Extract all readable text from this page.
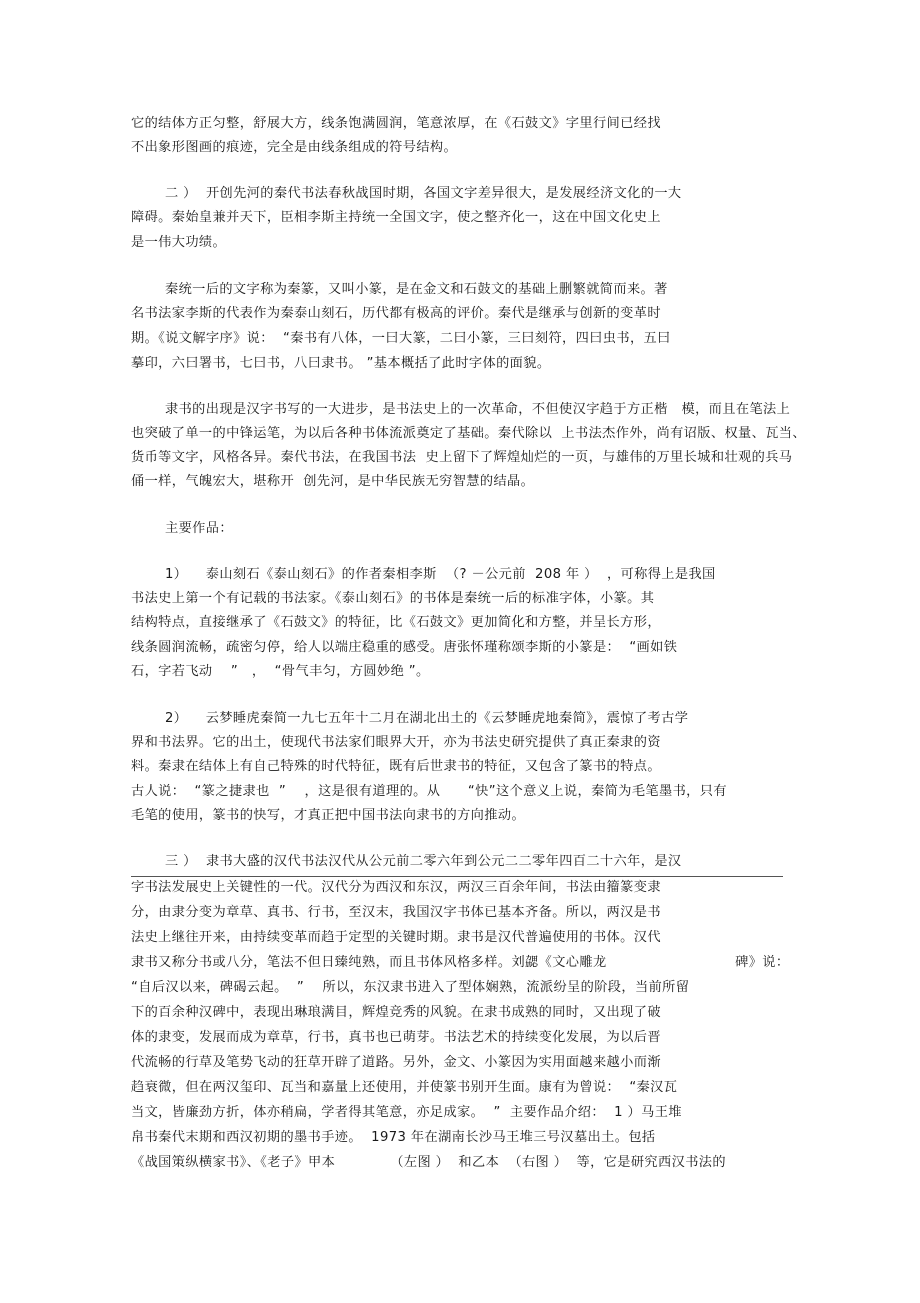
它的结体方正匀整，舒展大方，线条饱满圆润，笔意浓厚，在《石鼓文》字里行间已经找
不出象形图画的痕迹，完全是由线条组成的符号结构。
二 ）  开创先河的秦代书法春秋战国时期，各国文字差异很大，是发展经济文化的一大
障碍。秦始皇兼并天下，臣相李斯主持统一全国文字，使之整齐化一，这在中国文化史上
是一伟大功绩。
秦统一后的文字称为秦篆，又叫小篆，是在金文和石鼓文的基础上删繁就简而来。著
名书法家李斯的代表作为秦泰山刻石，历代都有极高的评价。秦代是继承与创新的变革时
期。《说文解字序》说：  “秦书有八体，一曰大篆，二曰小篆，三曰刻符，四曰虫书，五曰
摹印，六曰署书，七曰书，八曰隶书。 ”基本概括了此时字体的面貌。
隶书的出现是汉字书写的一大进步，是书法史上的一次革命，不但使汉字趋于方正楷   模，而且在笔法上
也突破了单一的中锋运笔，为以后各种书体流派奠定了基础。秦代除以  上书法杰作外，尚有诏版、权量、瓦当、
货币等文字，风格各异。秦代书法，在我国书法  史上留下了辉煌灿烂的一页，与雄伟的万里长城和壮观的兵马
俑一样，气魄宏大，堪称开  创先河，是中华民族无穷智慧的结晶。
主要作品：
1）    泰山刻石《泰山刻石》的作者秦相李斯  （? －公元前  208 年 ）  ，可称得上是我国
书法史上第一个有记载的书法家。《泰山刻石》的书体是秦统一后的标准字体，小篆。其
结构特点，直接继承了《石鼓文》的特征，比《石鼓文》更加简化和方整，并呈长方形，
线条圆润流畅，疏密匀停，给人以端庄稳重的感受。唐张怀瑾称颂李斯的小篆是：  “画如铁
石，字若飞动    ”   ，  “骨气丰匀，方圆妙绝 ”。
2）    云梦睡虎秦简一九七五年十二月在湖北出土的《云梦睡虎地秦简》，震惊了考古学
界和书法界。它的出土，使现代书法家们眼界大开，亦为书法史研究提供了真正秦隶的资
料。秦隶在结体上有自己特殊的时代特征，既有后世隶书的特征，又包含了篆书的特点。
古人说：  “篆之捷隶也  ”    ，这是很有道理的。从      “快”这个意义上说，秦简为毛笔墨书，只有
毛笔的使用，篆书的快写，才真正把中国书法向隶书的方向推动。
三 ）  隶书大盛的汉代书法汉代从公元前二零六年到公元二二零年四百二十六年，是汉
字书法发展史上关键性的一代。汉代分为西汉和东汉，两汉三百余年间，书法由籀篆变隶
分，由隶分变为章草、真书、行书，至汉末，我国汉字书体已基本齐备。所以，两汉是书
法史上继往开来，由持续变革而趋于定型的关键时期。隶书是汉代普遍使用的书体。汉代
隶书又称分书或八分，笔法不但日臻纯熟，而且书体风格多样。刘勰《文心雕龙                            碑》说：
“自后汉以来，碑碣云起。  ”    所以，东汉隶书进入了型体娴熟，流派纷呈的阶段，当前所留
下的百余种汉碑中，表现出琳琅满目，辉煌竞秀的风貌。在隶书成熟的同时，又出现了破
体的隶变，发展而成为章草，行书，真书也已萌芽。书法艺术的持续变化发展，为以后晋
代流畅的行草及笔势飞动的狂草开辟了道路。另外，金文、小篆因为实用面越来越小而渐
趋衰微，但在两汉玺印、瓦当和嘉量上还使用，并使篆书别开生面。康有为曾说：  “秦汉瓦
当文，皆廉劲方折，体亦稍扁，学者得其笔意，亦足成家。  ”  主要作品介绍：  1 ）马王堆
帛书秦代末期和西汉初期的墨书手迹。  1973 年在湖南长沙马王堆三号汉墓出土。包括
《战国策纵横家书》、《老子》甲本            （左图 ）  和乙本  （右图 ）  等，它是研究西汉书法的
